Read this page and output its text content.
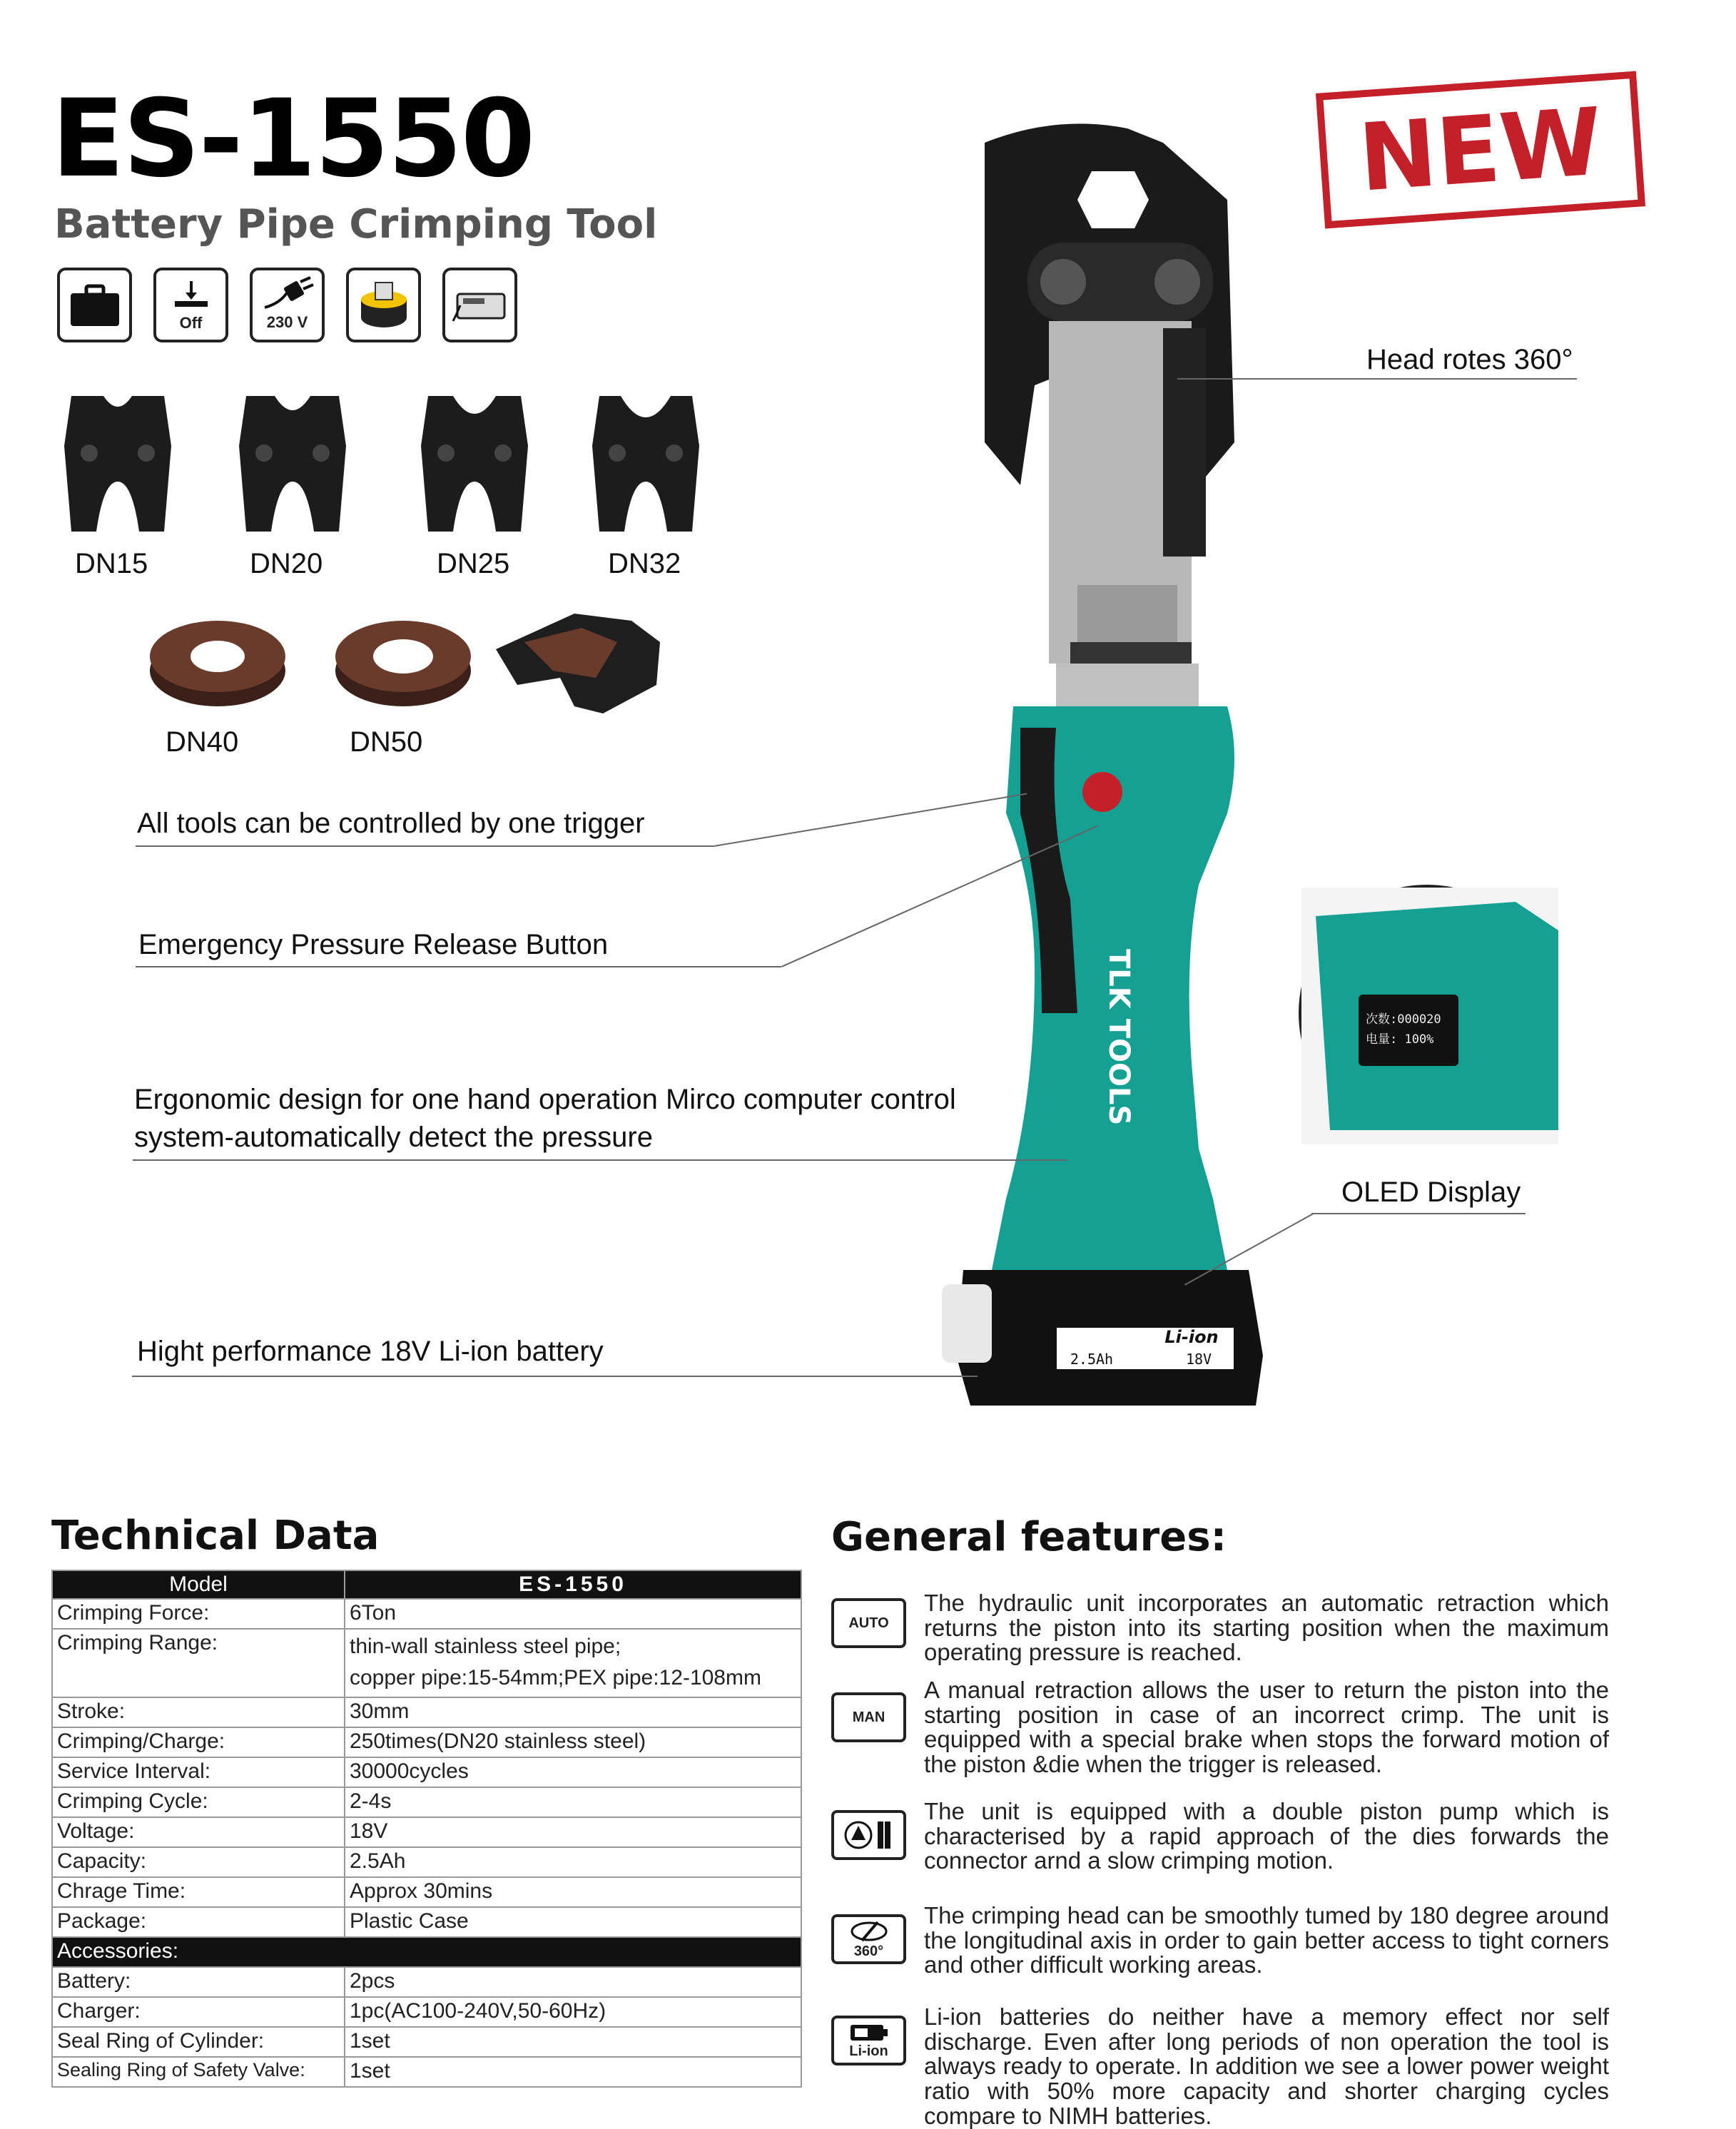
ES-1550
Battery Pipe Crimping Tool
Off	230 V
DN15	DN20	DN25	DN32
DN40	DN50
NEW
TLK TOOLS
Li-ion
2.5Ah	18V
次数:000020
电量: 100%
Head rotes 360°
All tools can be controlled by one trigger
Emergency Pressure Release Button
Ergonomic design for one hand operation Mirco computer control
system-automatically detect the pressure
OLED Display
Hight performance 18V Li-ion battery
Technical Data
Model	ES-1550
Crimping Force:	6Ton
Crimping Range:	thin-wall stainless steel pipe;
copper pipe:15-54mm;PEX pipe:12-108mm

Stroke:	30mm
Crimping/Charge:	250times(DN20 stainless steel)
Service Interval:	30000cycles
Crimping Cycle:	2-4s
Voltage:	18V
Capacity:	2.5Ah
Chrage Time:	Approx 30mins
Package:	Plastic Case
Accessories:	
Battery:	2pcs
Charger:	1pc(AC100-240V,50-60Hz)
Seal Ring of Cylinder:	1set
Sealing Ring of Safety Valve:	1set
General features:
AUTO
The hydraulic unit incorporates an automatic retraction which returns the piston into its starting position when the maximum operating pressure is reached.
MAN
A manual retraction allows the user to return the piston into the starting position in case of an incorrect crimp. The unit is equipped with a special brake when stops the forward motion of the piston &die when the trigger is released.
The unit is equipped with a double piston pump which is characterised by a rapid approach of the dies forwards the connector arnd a slow crimping motion.
360°
The crimping head can be smoothly tumed by 180 degree around the longitudinal axis in order to gain better access to tight corners and other difficult working areas.
Li-ion
Li-ion batteries do neither have a memory effect nor self discharge. Even after long periods of non operation the tool is always ready to operate. In addition we see a lower power weight ratio with 50% more capacity and shorter charging cycles compare to NIMH batteries.
